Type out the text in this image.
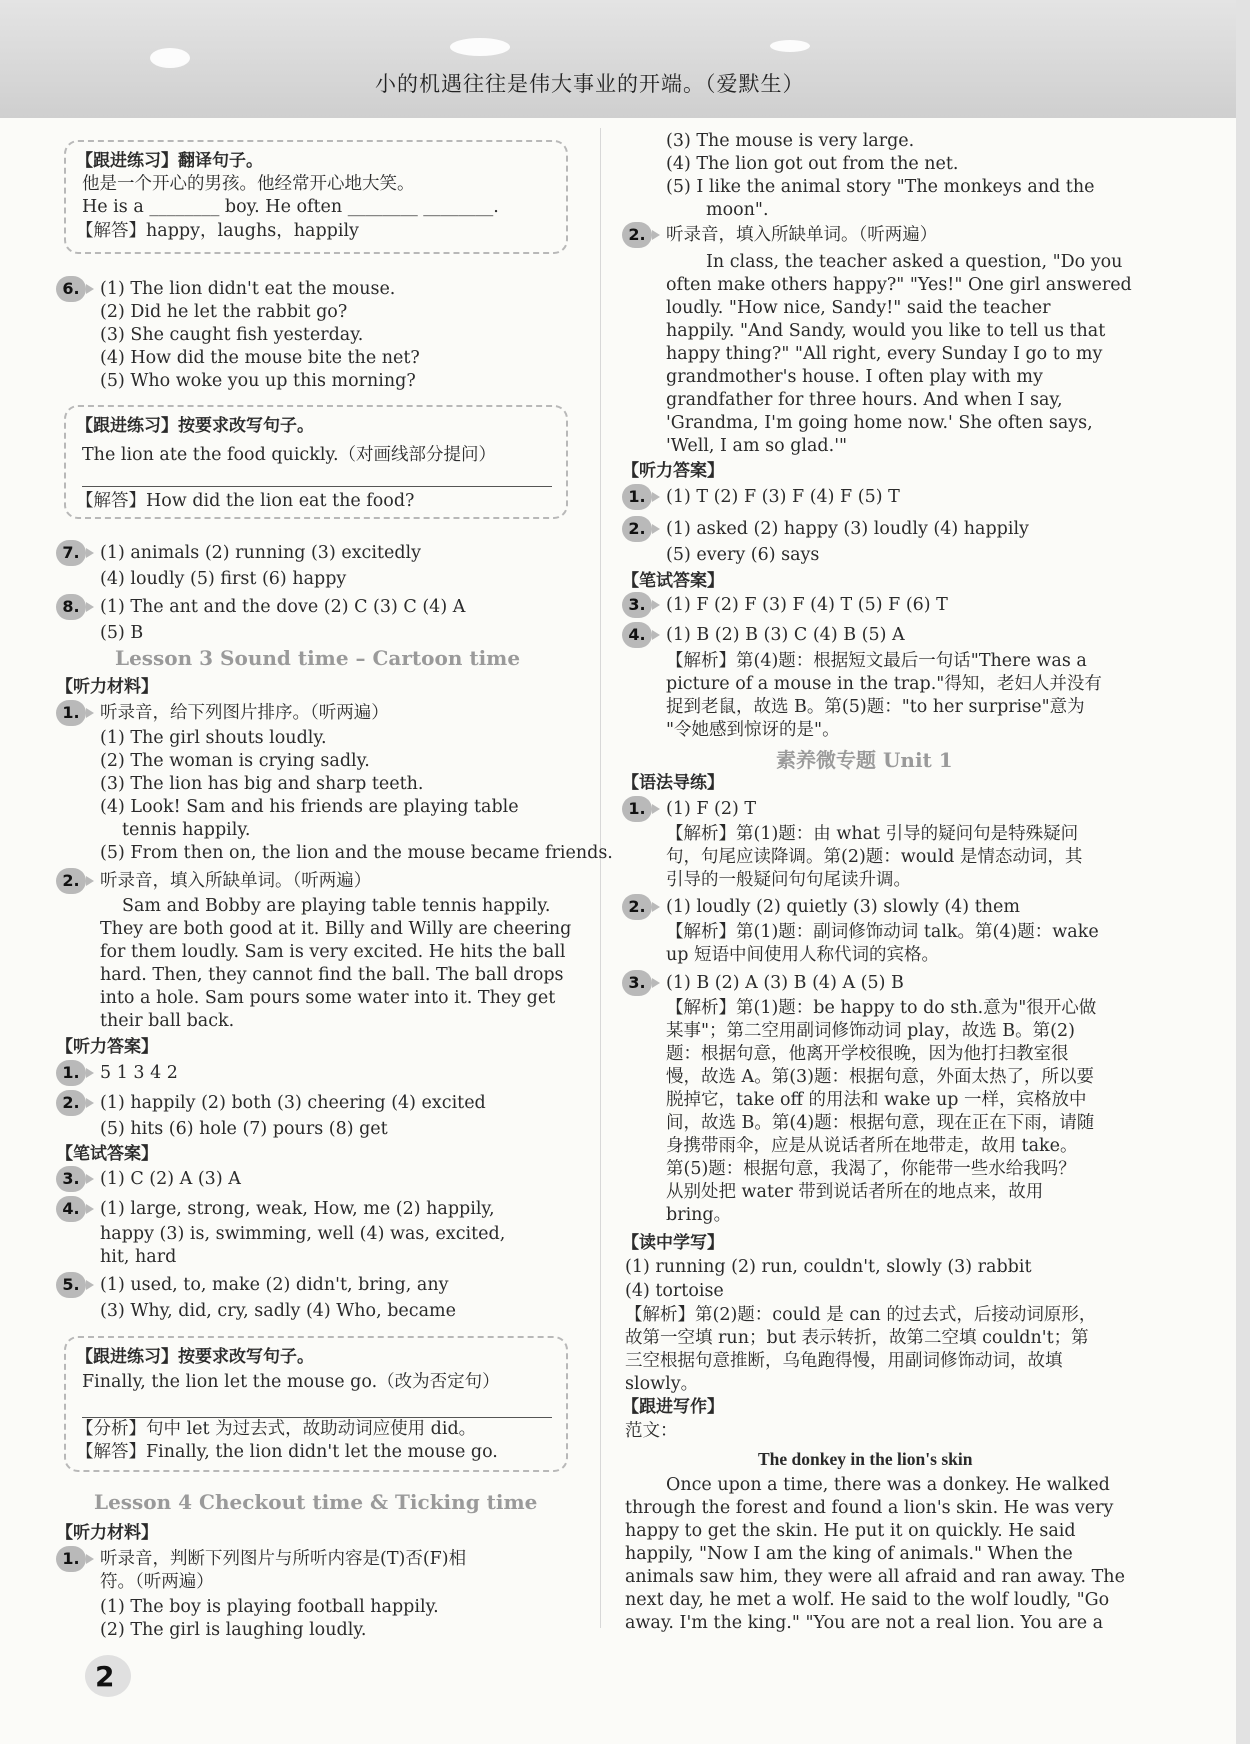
小的机遇往往是伟大事业的开端。（爱默生）
【跟进练习】翻译句子。
他是一个开心的男孩。他经常开心地大笑。
He is a ________ boy. He often ________ ________.
【解答】happy，laughs，happily
6.	(1) The lion didn't eat the mouse.
(2) Did he let the rabbit go?
(3) She caught fish yesterday.
(4) How did the mouse bite the net?
(5) Who woke you up this morning?
【跟进练习】按要求改写句子。
The lion ate the food quickly.（对画线部分提问）
【解答】How did the lion eat the food?
7.	(1) animals (2) running (3) excitedly
(4) loudly (5) first (6) happy
8.	(1) The ant and the dove (2) C (3) C (4) A
(5) B
Lesson 3 Sound time – Cartoon time
【听力材料】
1.	听录音，给下列图片排序。（听两遍）
(1) The girl shouts loudly.
(2) The woman is crying sadly.
(3) The lion has big and sharp teeth.
(4) Look! Sam and his friends are playing table
tennis happily.
(5) From then on, the lion and the mouse became friends.
2.	听录音，填入所缺单词。（听两遍）
Sam and Bobby are playing table tennis happily.
They are both good at it. Billy and Willy are cheering
for them loudly. Sam is very excited. He hits the ball
hard. Then, they cannot find the ball. The ball drops
into a hole. Sam pours some water into it. They get
their ball back.
【听力答案】
1.	5 1 3 4 2
2.	(1) happily (2) both (3) cheering (4) excited
(5) hits (6) hole (7) pours (8) get
【笔试答案】
3.	(1) C (2) A (3) A
4.	(1) large, strong, weak, How, me (2) happily,
happy (3) is, swimming, well (4) was, excited,
hit, hard
5.	(1) used, to, make (2) didn't, bring, any
(3) Why, did, cry, sadly (4) Who, became
【跟进练习】按要求改写句子。
Finally, the lion let the mouse go.（改为否定句）
【分析】句中 let 为过去式，故助动词应使用 did。
【解答】Finally, the lion didn't let the mouse go.
Lesson 4 Checkout time & Ticking time
【听力材料】
1.	听录音，判断下列图片与所听内容是(T)否(F)相
符。（听两遍）
(1) The boy is playing football happily.
(2) The girl is laughing loudly.
(3) The mouse is very large.
(4) The lion got out from the net.
(5) I like the animal story "The monkeys and the
moon".
2.	听录音，填入所缺单词。（听两遍）
In class, the teacher asked a question, "Do you
often make others happy?" "Yes!" One girl answered
loudly. "How nice, Sandy!" said the teacher
happily. "And Sandy, would you like to tell us that
happy thing?" "All right, every Sunday I go to my
grandmother's house. I often play with my
grandfather for three hours. And when I say,
'Grandma, I'm going home now.' She often says,
'Well, I am so glad.'"
【听力答案】
1.	(1) T (2) F (3) F (4) F (5) T
2.	(1) asked (2) happy (3) loudly (4) happily
(5) every (6) says
【笔试答案】
3.	(1) F (2) F (3) F (4) T (5) F (6) T
4.	(1) B (2) B (3) C (4) B (5) A
【解析】第(4)题：根据短文最后一句话"There was a
picture of a mouse in the trap."得知，老妇人并没有
捉到老鼠，故选 B。第(5)题："to her surprise"意为
"令她感到惊讶的是"。
素养微专题 Unit 1
【语法导练】
1.	(1) F (2) T
【解析】第(1)题：由 what 引导的疑问句是特殊疑问
句，句尾应读降调。第(2)题：would 是情态动词，其
引导的一般疑问句句尾读升调。
2.	(1) loudly (2) quietly (3) slowly (4) them
【解析】第(1)题：副词修饰动词 talk。第(4)题：wake
up 短语中间使用人称代词的宾格。
3.	(1) B (2) A (3) B (4) A (5) B
【解析】第(1)题：be happy to do sth.意为"很开心做
某事"；第二空用副词修饰动词 play，故选 B。第(2)
题：根据句意，他离开学校很晚，因为他打扫教室很
慢，故选 A。第(3)题：根据句意，外面太热了，所以要
脱掉它，take off 的用法和 wake up 一样，宾格放中
间，故选 B。第(4)题：根据句意，现在正在下雨，请随
身携带雨伞，应是从说话者所在地带走，故用 take。
第(5)题：根据句意，我渴了，你能带一些水给我吗？
从别处把 water 带到说话者所在的地点来，故用
bring。
【读中学写】
(1) running (2) run, couldn't, slowly (3) rabbit
(4) tortoise
【解析】第(2)题：could 是 can 的过去式，后接动词原形，
故第一空填 run；but 表示转折，故第二空填 couldn't；第
三空根据句意推断，乌龟跑得慢，用副词修饰动词，故填
slowly。
【跟进写作】
范文：
The donkey in the lion's skin
Once upon a time, there was a donkey. He walked
through the forest and found a lion's skin. He was very
happy to get the skin. He put it on quickly. He said
happily, "Now I am the king of animals." When the
animals saw him, they were all afraid and ran away. The
next day, he met a wolf. He said to the wolf loudly, "Go
away. I'm the king." "You are not a real lion. You are a
2
